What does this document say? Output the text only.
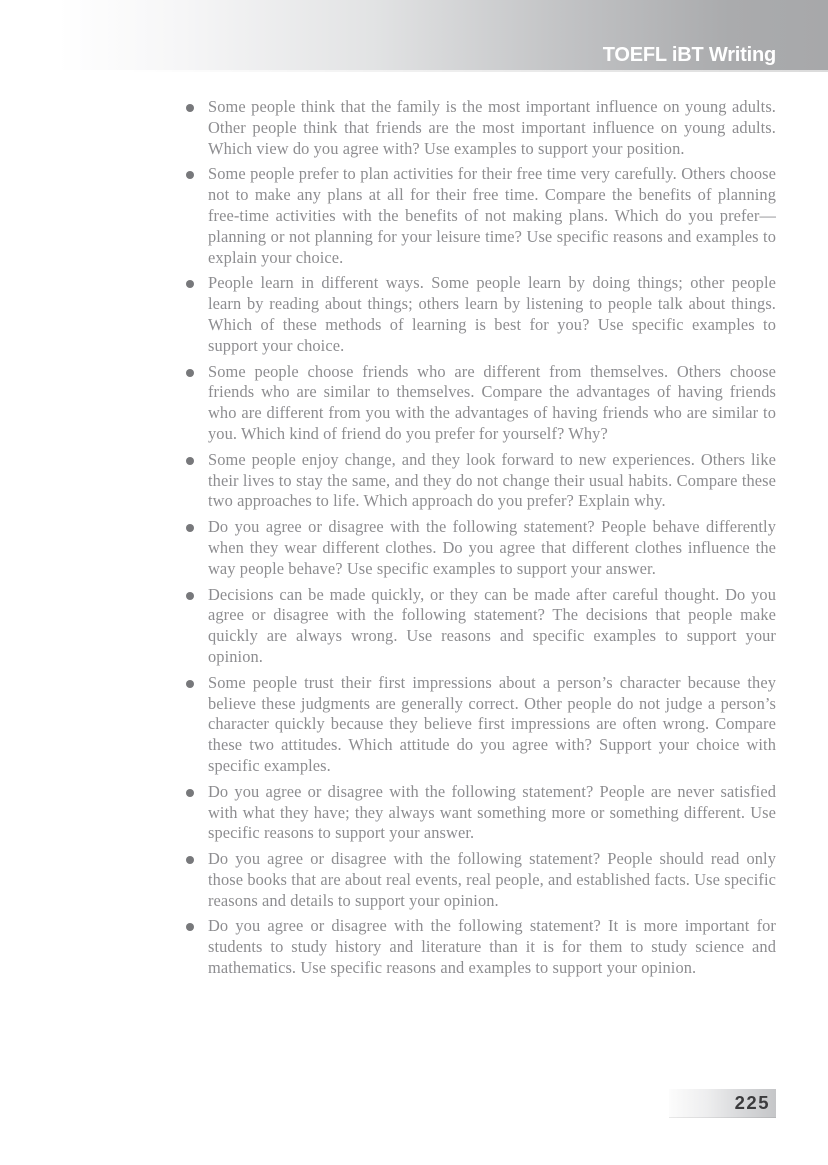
TOEFL iBT Writing
Some people think that the family is the most important influence on young adults. Other people think that friends are the most important influence on young adults. Which view do you agree with? Use examples to support your position.
Some people prefer to plan activities for their free time very carefully. Others choose not to make any plans at all for their free time. Compare the benefits of planning free-time activities with the benefits of not making plans. Which do you prefer—planning or not planning for your leisure time? Use specific reasons and examples to explain your choice.
People learn in different ways. Some people learn by doing things; other people learn by reading about things; others learn by listening to people talk about things. Which of these methods of learning is best for you? Use specific examples to support your choice.
Some people choose friends who are different from themselves. Others choose friends who are similar to themselves. Compare the advantages of having friends who are different from you with the advantages of having friends who are similar to you. Which kind of friend do you prefer for yourself? Why?
Some people enjoy change, and they look forward to new experiences. Others like their lives to stay the same, and they do not change their usual habits. Compare these two approaches to life. Which approach do you prefer? Explain why.
Do you agree or disagree with the following statement? People behave differently when they wear different clothes. Do you agree that different clothes influence the way people behave? Use specific examples to support your answer.
Decisions can be made quickly, or they can be made after careful thought. Do you agree or disagree with the following statement? The decisions that people make quickly are always wrong. Use reasons and specific examples to support your opinion.
Some people trust their first impressions about a person’s character because they believe these judgments are generally correct. Other people do not judge a person’s character quickly because they believe first impressions are often wrong. Compare these two attitudes. Which attitude do you agree with? Support your choice with specific examples.
Do you agree or disagree with the following statement? People are never satisfied with what they have; they always want something more or something different. Use specific reasons to support your answer.
Do you agree or disagree with the following statement? People should read only those books that are about real events, real people, and established facts. Use specific reasons and details to support your opinion.
Do you agree or disagree with the following statement? It is more important for students to study history and literature than it is for them to study science and mathematics. Use specific reasons and examples to support your opinion.
225
